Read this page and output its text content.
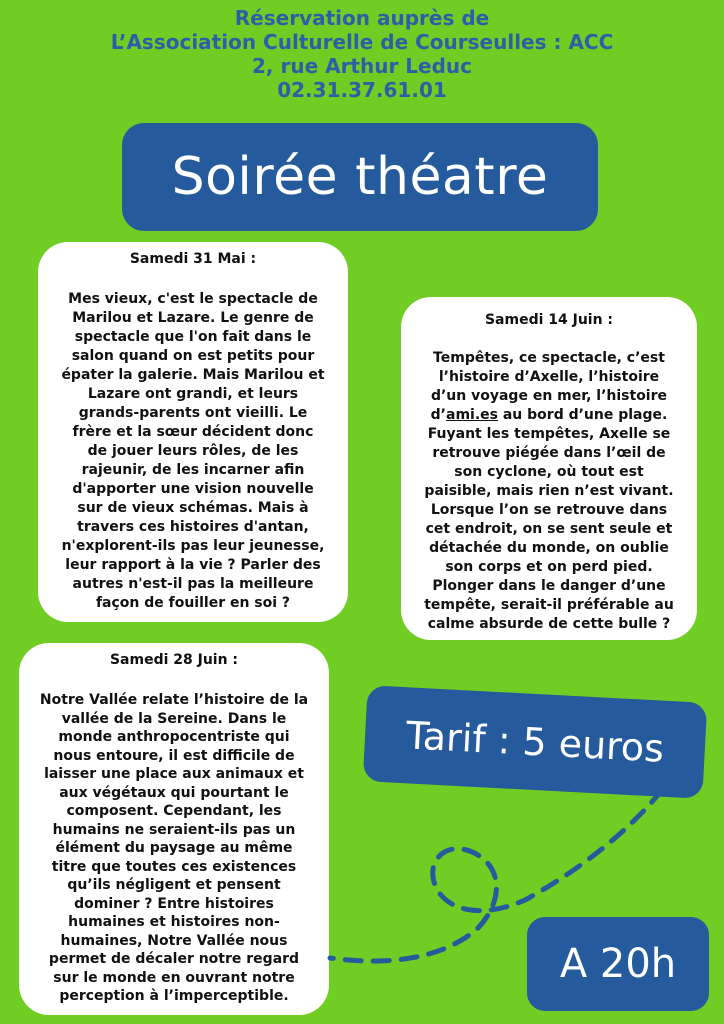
Réservation auprès de
L’Association Culturelle de Courseulles : ACC
2, rue Arthur Leduc
02.31.37.61.01
Soirée théatre
Samedi 31 Mai :
Mes vieux, c'est le spectacle de
Marilou et Lazare. Le genre de
spectacle que l'on fait dans le
salon quand on est petits pour
épater la galerie. Mais Marilou et
Lazare ont grandi, et leurs
grands-parents ont vieilli. Le
frère et la sœur décident donc
de jouer leurs rôles, de les
rajeunir, de les incarner afin
d'apporter une vision nouvelle
sur de vieux schémas. Mais à
travers ces histoires d'antan,
n'explorent-ils pas leur jeunesse,
leur rapport à la vie ? Parler des
autres n'est-il pas la meilleure
façon de fouiller en soi ?
Samedi 14 Juin :
Tempêtes, ce spectacle, c’est
l’histoire d’Axelle, l’histoire
d’un voyage en mer, l’histoire
d’ami.es au bord d’une plage.
Fuyant les tempêtes, Axelle se
retrouve piégée dans l’œil de
son cyclone, où tout est
paisible, mais rien n’est vivant.
Lorsque l’on se retrouve dans
cet endroit, on se sent seule et
détachée du monde, on oublie
son corps et on perd pied.
Plonger dans le danger d’une
tempête, serait-il préférable au
calme absurde de cette bulle ?
Samedi 28 Juin :
Notre Vallée relate l’histoire de la
vallée de la Sereine. Dans le
monde anthropocentriste qui
nous entoure, il est difficile de
laisser une place aux animaux et
aux végétaux qui pourtant le
composent. Cependant, les
humains ne seraient-ils pas un
élément du paysage au même
titre que toutes ces existences
qu’ils négligent et pensent
dominer ? Entre histoires
humaines et histoires non-
humaines, Notre Vallée nous
permet de décaler notre regard
sur le monde en ouvrant notre
perception à l’imperceptible.
Tarif : 5 euros
A 20h
